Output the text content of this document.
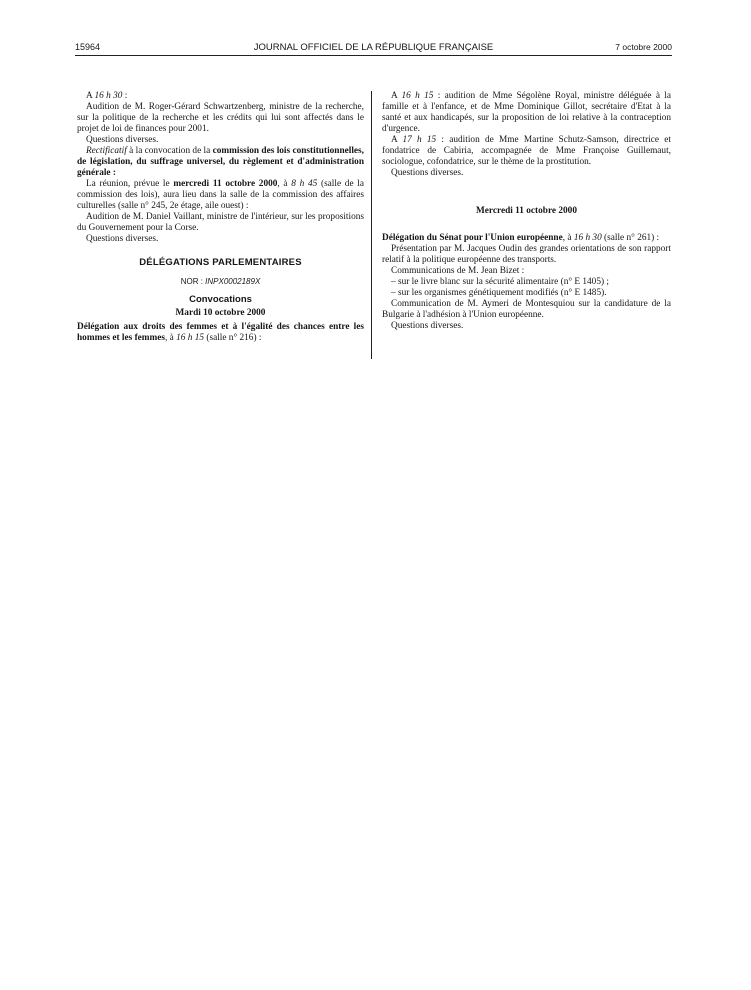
15964	JOURNAL OFFICIEL DE LA RÉPUBLIQUE FRANÇAISE	7 octobre 2000

A 16 h 30 :

Audition de M. Roger-Gérard Schwartzenberg, ministre de la recherche, sur la politique de la recherche et les crédits qui lui sont affectés dans le projet de loi de finances pour 2001.

Questions diverses.

Rectificatif à la convocation de la commission des lois constitutionnelles, de législation, du suffrage universel, du règlement et d'administration générale :

La réunion, prévue le mercredi 11 octobre 2000, à 8 h 45 (salle de la commission des lois), aura lieu dans la salle de la commission des affaires culturelles (salle n° 245, 2e étage, aile ouest) :

Audition de M. Daniel Vaillant, ministre de l'intérieur, sur les propositions du Gouvernement pour la Corse.

Questions diverses.

DÉLÉGATIONS PARLEMENTAIRES

NOR : INPX0002189X

Convocations

Mardi 10 octobre 2000

Délégation aux droits des femmes et à l'égalité des chances entre les hommes et les femmes, à 16 h 15 (salle n° 216) :

A 16 h 15 : audition de Mme Ségolène Royal, ministre déléguée à la famille et à l'enfance, et de Mme Dominique Gillot, secrétaire d'Etat à la santé et aux handicapés, sur la proposition de loi relative à la contraception d'urgence.

A 17 h 15 : audition de Mme Martine Schutz-Samson, directrice et fondatrice de Cabiria, accompagnée de Mme Françoise Guillemaut, sociologue, cofondatrice, sur le thème de la prostitution.

Questions diverses.

Mercredi 11 octobre 2000

Délégation du Sénat pour l'Union européenne, à 16 h 30 (salle n° 261) :

Présentation par M. Jacques Oudin des grandes orientations de son rapport relatif à la politique européenne des transports.

Communications de M. Jean Bizet :

– sur le livre blanc sur la sécurité alimentaire (n° E 1405) ;

– sur les organismes génétiquement modifiés (n° E 1485).

Communication de M. Aymeri de Montesquiou sur la candidature de la Bulgarie à l'adhésion à l'Union européenne.

Questions diverses.
